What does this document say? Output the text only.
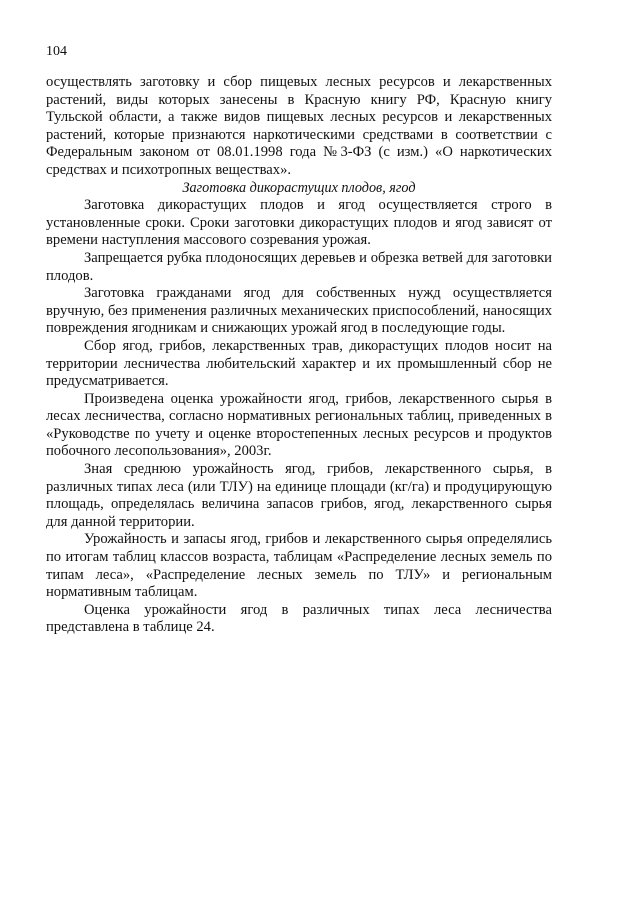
104

осуществлять заготовку и сбор пищевых лесных ресурсов и лекарственных растений, виды которых занесены в Красную книгу РФ, Красную книгу Тульской области, а также видов пищевых лесных ресурсов и лекарственных растений, которые признаются наркотическими средствами в соответствии с Федеральным законом от 08.01.1998 года №3-ФЗ (с изм.) «О наркотических средствах и психотропных веществах».

Заготовка дикорастущих плодов, ягод

Заготовка дикорастущих плодов и ягод осуществляется строго в установленные сроки. Сроки заготовки дикорастущих плодов и ягод зависят от времени наступления массового созревания урожая.

Запрещается рубка плодоносящих деревьев и обрезка ветвей для заготовки плодов.

Заготовка гражданами ягод для собственных нужд осуществляется вручную, без применения различных механических приспособлений, наносящих повреждения ягодникам и снижающих урожай ягод в последующие годы.

Сбор ягод, грибов, лекарственных трав, дикорастущих плодов носит на территории лесничества любительский характер и их промышленный сбор не предусматривается.

Произведена оценка урожайности ягод, грибов, лекарственного сырья в лесах лесничества, согласно нормативных региональных таблиц, приведенных в «Руководстве по учету и оценке второстепенных лесных ресурсов и продуктов побочного лесопользования», 2003г.

Зная среднюю урожайность ягод, грибов, лекарственного сырья, в различных типах леса (или ТЛУ) на единице площади (кг/га) и продуцирующую площадь, определялась величина запасов грибов, ягод, лекарственного сырья для данной территории.

Урожайность и запасы ягод, грибов и лекарственного сырья определялись по итогам таблиц классов возраста, таблицам «Распределение лесных земель по типам леса», «Распределение лесных земель по ТЛУ» и региональным нормативным таблицам.

Оценка урожайности ягод в различных типах леса лесничества представлена в таблице 24.
